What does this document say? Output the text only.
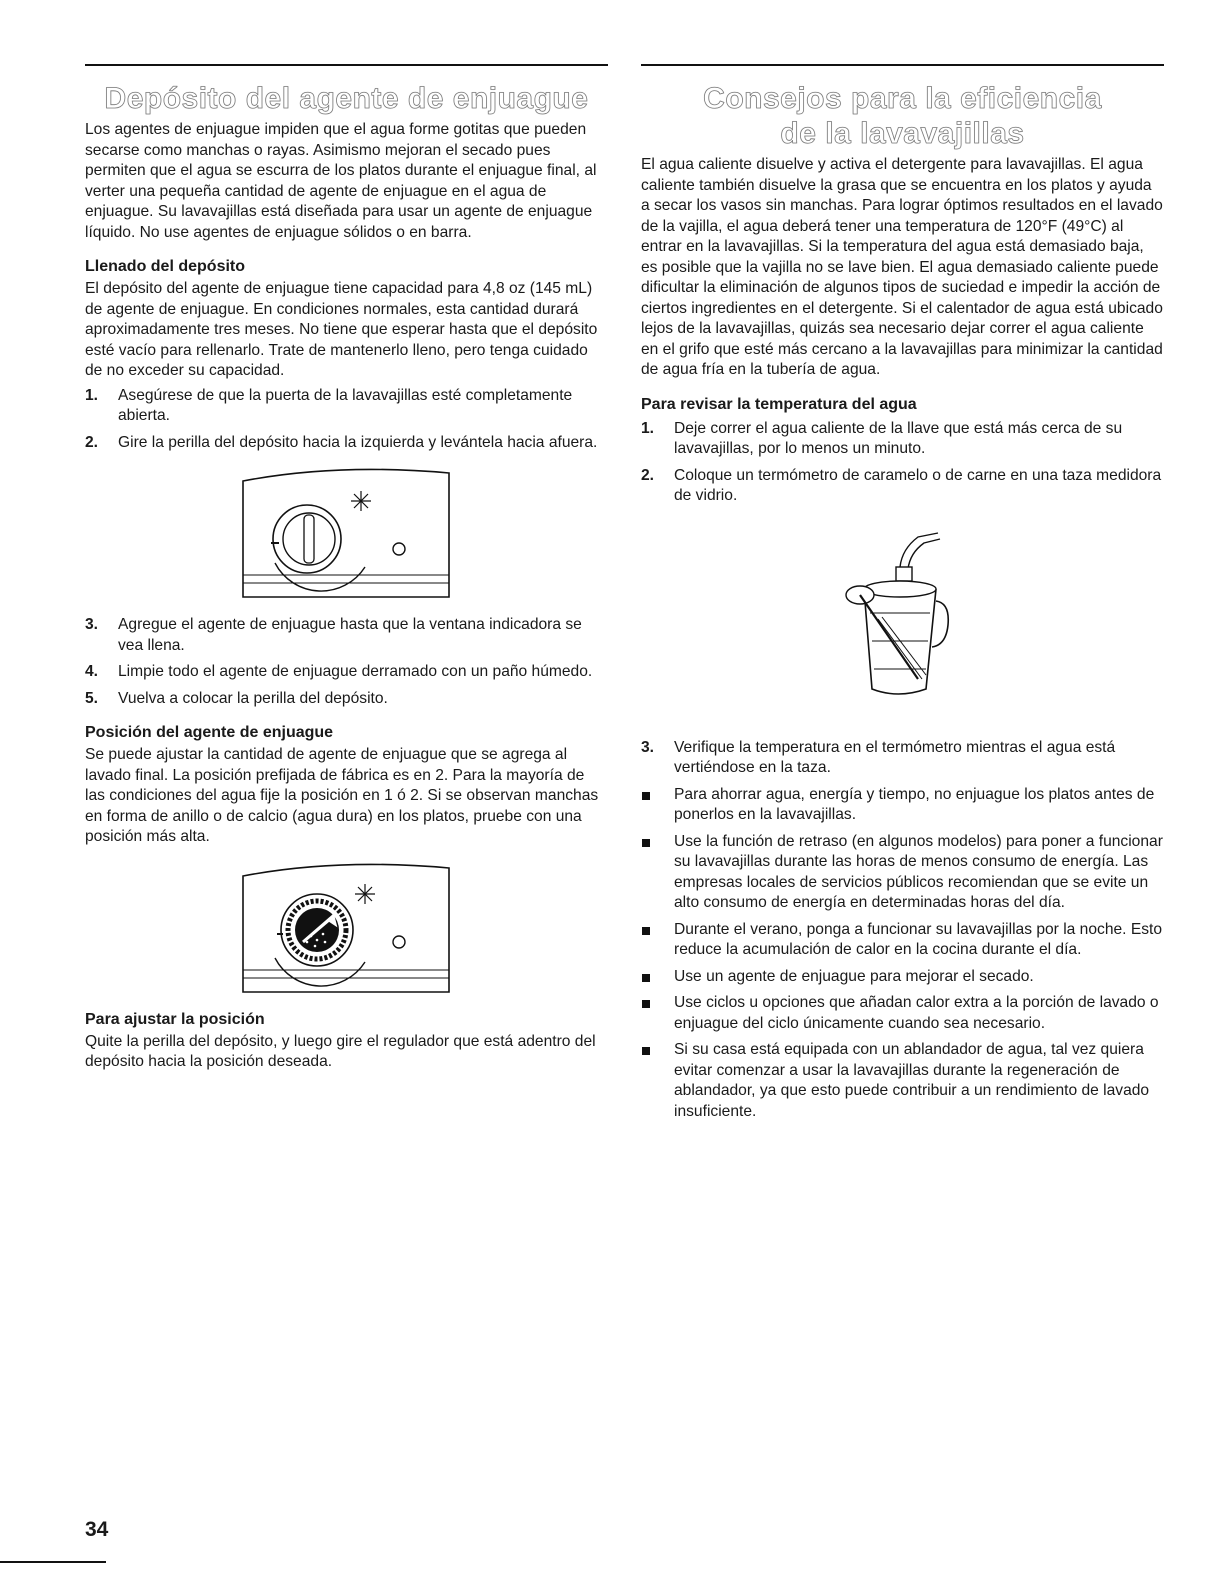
Depósito del agente de enjuague

Los agentes de enjuague impiden que el agua forme gotitas que pueden secarse como manchas o rayas. Asimismo mejoran el secado pues permiten que el agua se escurra de los platos durante el enjuague final, al verter una pequeña cantidad de agente de enjuague en el agua de enjuague. Su lavavajillas está diseñada para usar un agente de enjuague líquido. No use agentes de enjuague sólidos o en barra.

Llenado del depósito

El depósito del agente de enjuague tiene capacidad para 4,8 oz (145 mL) de agente de enjuague. En condiciones normales, esta cantidad durará aproximadamente tres meses. No tiene que esperar hasta que el depósito esté vacío para rellenarlo. Trate de mantenerlo lleno, pero tenga cuidado de no exceder su capacidad.

1.	Asegúrese de que la puerta de la lavavajillas esté completamente abierta.
2.	Gire la perilla del depósito hacia la izquierda y levántela hacia afuera.
3.	Agregue el agente de enjuague hasta que la ventana indicadora se vea llena.
4.	Limpie todo el agente de enjuague derramado con un paño húmedo.
5.	Vuelva a colocar la perilla del depósito.
Posición del agente de enjuague

Se puede ajustar la cantidad de agente de enjuague que se agrega al lavado final. La posición prefijada de fábrica es en 2. Para la mayoría de las condiciones del agua fije la posición en 1 ó 2. Si se observan manchas en forma de anillo o de calcio (agua dura) en los platos, pruebe con una posición más alta.

Para ajustar la posición

Quite la perilla del depósito, y luego gire el regulador que está adentro del depósito hacia la posición deseada.

Consejos para la eficiencia
de la lavavajillas

El agua caliente disuelve y activa el detergente para lavavajillas. El agua caliente también disuelve la grasa que se encuentra en los platos y ayuda a secar los vasos sin manchas. Para lograr óptimos resultados en el lavado de la vajilla, el agua deberá tener una temperatura de 120°F (49°C) al entrar en la lavavajillas. Si la temperatura del agua está demasiado baja, es posible que la vajilla no se lave bien. El agua demasiado caliente puede dificultar la eliminación de algunos tipos de suciedad e impedir la acción de ciertos ingredientes en el detergente. Si el calentador de agua está ubicado lejos de la lavavajillas, quizás sea necesario dejar correr el agua caliente en el grifo que esté más cercano a la lavavajillas para minimizar la cantidad de agua fría en la tubería de agua.

Para revisar la temperatura del agua
1.	Deje correr el agua caliente de la llave que está más cerca de su lavavajillas, por lo menos un minuto.
2.	Coloque un termómetro de caramelo o de carne en una taza medidora de vidrio.
3.	Verifique la temperatura en el termómetro mientras el agua está vertiéndose en la taza.
Para ahorrar agua, energía y tiempo, no enjuague los platos antes de ponerlos en la lavavajillas.
Use la función de retraso (en algunos modelos) para poner a funcionar su lavavajillas durante las horas de menos consumo de energía. Las empresas locales de servicios públicos recomiendan que se evite un alto consumo de energía en determinadas horas del día.
Durante el verano, ponga a funcionar su lavavajillas por la noche. Esto reduce la acumulación de calor en la cocina durante el día.
Use un agente de enjuague para mejorar el secado.
Use ciclos u opciones que añadan calor extra a la porción de lavado o enjuague del ciclo únicamente cuando sea necesario.
Si su casa está equipada con un ablandador de agua, tal vez quiera evitar comenzar a usar la lavavajillas durante la regeneración de ablandador, ya que esto puede contribuir a un rendimiento de lavado insuficiente.
34
